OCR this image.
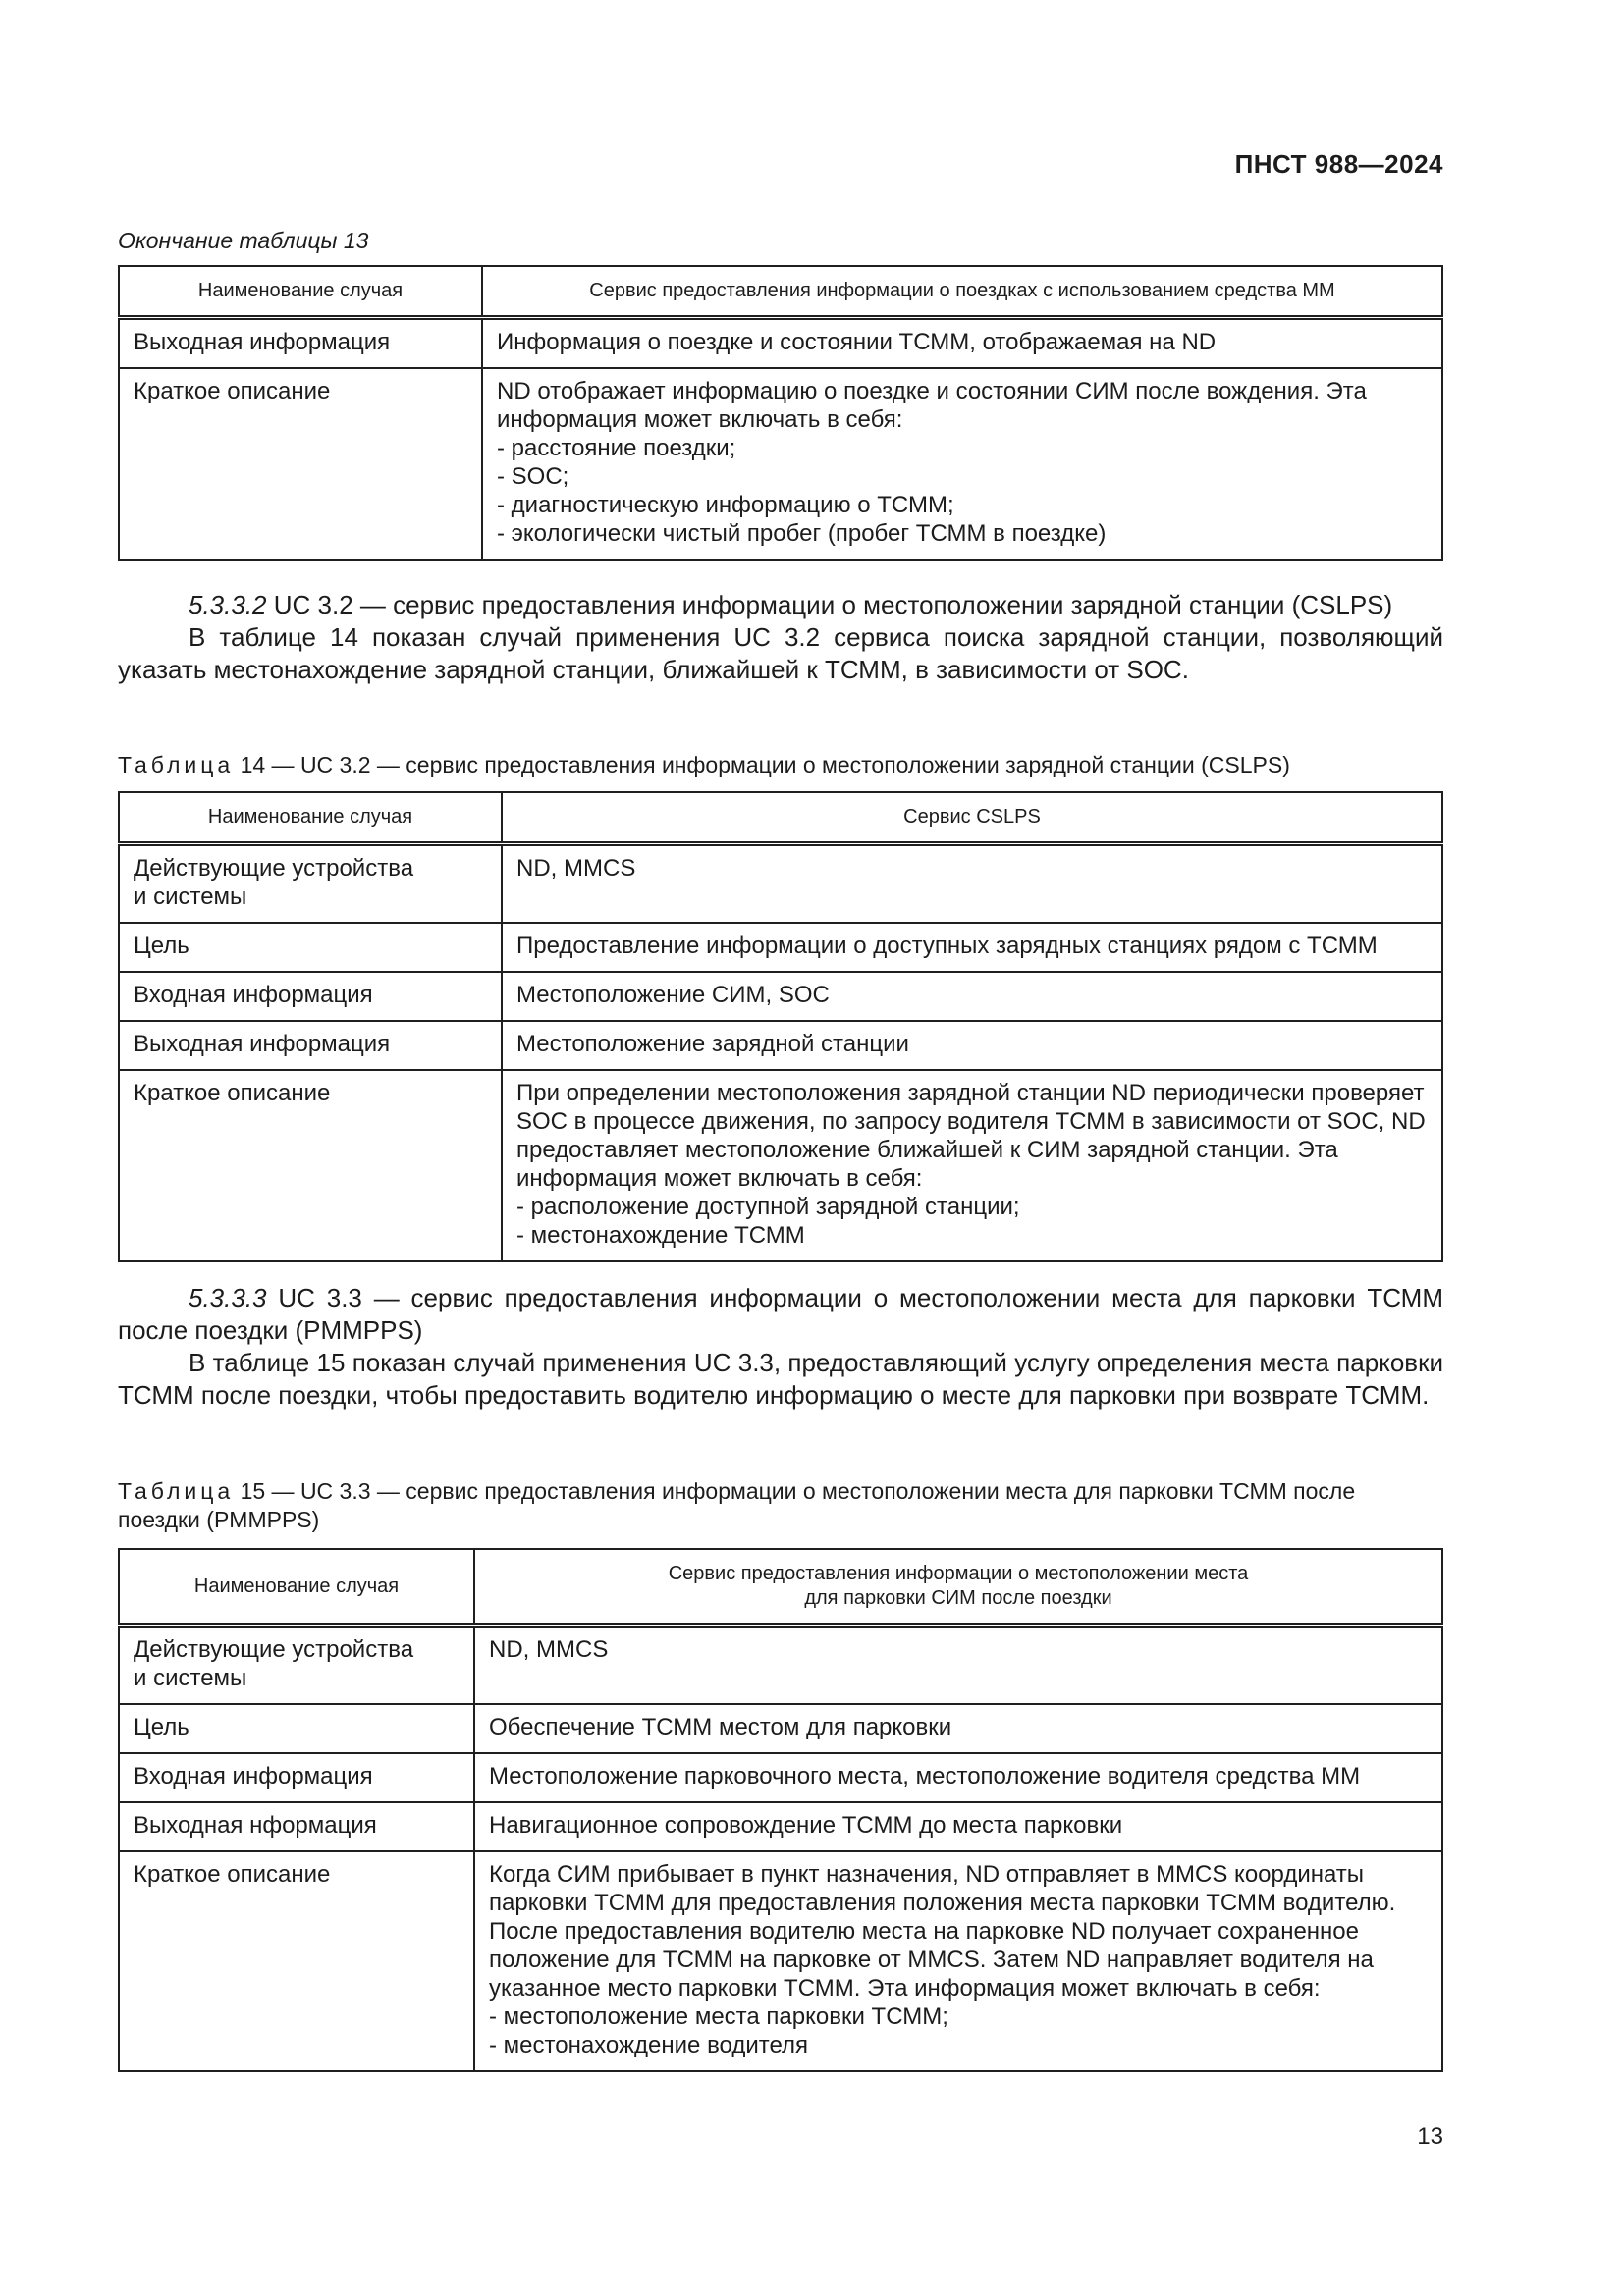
ПНСТ 988—2024
Окончание таблицы 13
Наименование случая	Сервис предоставления информации о поездках с использованием средства ММ
Выходная информация	Информация о поездке и состоянии ТСММ, отображаемая на ND
Краткое описание	ND отображает информацию о поездке и состоянии СИМ после вождения. Эта информация может включать в себя:
- расстояние поездки;
- SOC;
- диагностическую информацию о ТСММ;
- экологически чистый пробег (пробег ТСММ в поездке)

5.3.3.2 UC 3.2 — сервис предоставления информации о местоположении зарядной станции (CSLPS)

В таблице 14 показан случай применения UC 3.2 сервиса поиска зарядной станции, позволяющий указать местонахождение зарядной станции, ближайшей к ТСММ, в зависимости от SOC.

Таблица 14 — UC 3.2 — сервис предоставления информации о местоположении зарядной станции (CSLPS)

Наименование случая	Сервис CSLPS
Действующие устройства
и системы	ND, MMCS
Цель	Предоставление информации о доступных зарядных станциях рядом с ТСММ
Входная информация	Местоположение СИМ, SOC
Выходная информация	Местоположение зарядной станции
Краткое описание	При определении местоположения зарядной станции ND периодически проверяет SOC в процессе движения, по запросу водителя ТСММ в зависимости от SOC, ND предоставляет местоположение ближайшей к СИМ зарядной станции. Эта информация может включать в себя:
- расположение доступной зарядной станции;
- местонахождение ТСММ

5.3.3.3 UC 3.3 — сервис предоставления информации о местоположении места для парковки ТСММ после поездки (PMMPPS)

В таблице 15 показан случай применения UC 3.3, предоставляющий услугу определения места парковки ТСММ после поездки, чтобы предоставить водителю информацию о месте для парковки при возврате ТСММ.

Таблица 15 — UC 3.3 — сервис предоставления информации о местоположении места для парковки ТСММ после поездки (PMMPPS)

Наименование случая	Сервис предоставления информации о местоположении места
для парковки СИМ после поездки
Действующие устройства
и системы	ND, MMCS
Цель	Обеспечение ТСММ местом для парковки
Входная информация	Местоположение парковочного места, местоположение водителя средства ММ
Выходная нформация	Навигационное сопровождение ТСММ до места парковки
Краткое описание	Когда СИМ прибывает в пункт назначения, ND отправляет в MMCS координаты парковки ТСММ для предоставления положения места парковки ТСММ водителю. После предоставления водителю места на парковке ND получает сохраненное положение для ТСММ на парковке от MMCS. Затем ND направляет водителя на указанное место парковки ТСММ. Эта информация может включать в себя:
- местоположение места парковки ТСММ;
- местонахождение водителя
13
